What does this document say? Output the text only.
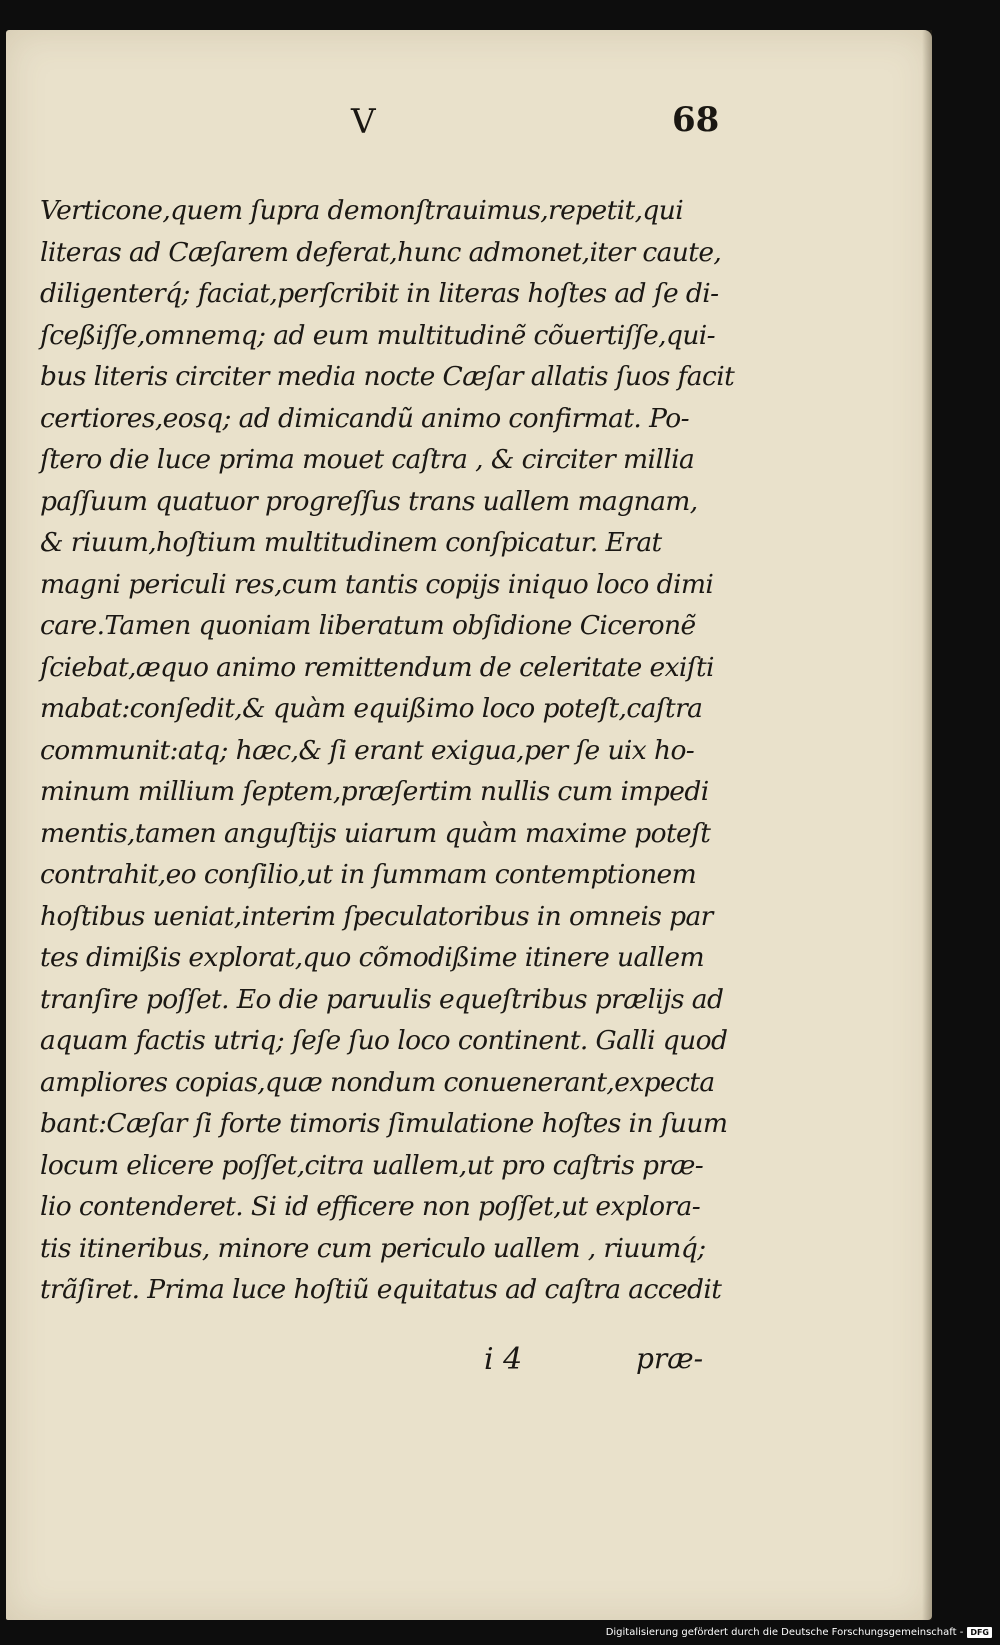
V	68
Verticone,quem ſupra demonſtrauimus,repetit,qui
literas ad Cæſarem deferat,hunc admonet,iter caute,
diligenterq́; faciat,perſcribit in literas hoſtes ad ſe di-
ſceßiſſe,omnemq; ad eum multitudinẽ cõuertiſſe,qui-
bus literis circiter media nocte Cæſar allatis ſuos facit
certiores,eosq; ad dimicandũ animo confirmat. Po-
ſtero die luce prima mouet caſtra , & circiter millia
paſſuum quatuor progreſſus trans uallem magnam,
& riuum,hoſtium multitudinem conſpicatur. Erat
magni periculi res,cum tantis copijs iniquo loco dimi
care.Tamen quoniam liberatum obſidione Ciceronẽ
ſciebat,æquo animo remittendum de celeritate exiſti
mabat:conſedit,& quàm equißimo loco poteſt,caſtra
communit:atq; hæc,& ſi erant exigua,per ſe uix ho-
minum millium ſeptem,præſertim nullis cum impedi
mentis,tamen anguſtijs uiarum quàm maxime poteſt
contrahit,eo conſilio,ut in ſummam contemptionem
hoſtibus ueniat,interim ſpeculatoribus in omneis par
tes dimißis explorat,quo cõmodißime itinere uallem
tranſire poſſet. Eo die paruulis equeſtribus prælijs ad
aquam factis utriq; ſeſe ſuo loco continent. Galli quod
ampliores copias,quæ nondum conuenerant,expecta
bant:Cæſar ſi forte timoris ſimulatione hoſtes in ſuum
locum elicere poſſet,citra uallem,ut pro caſtris præ-
lio contenderet. Si id efficere non poſſet,ut explora-
tis itineribus, minore cum periculo uallem , riuumq́;
trãſiret. Prima luce hoſtiũ equitatus ad caſtra accedit
i 4	præ-
Digitalisierung gefördert durch die Deutsche Forschungsgemeinschaft - DFG
